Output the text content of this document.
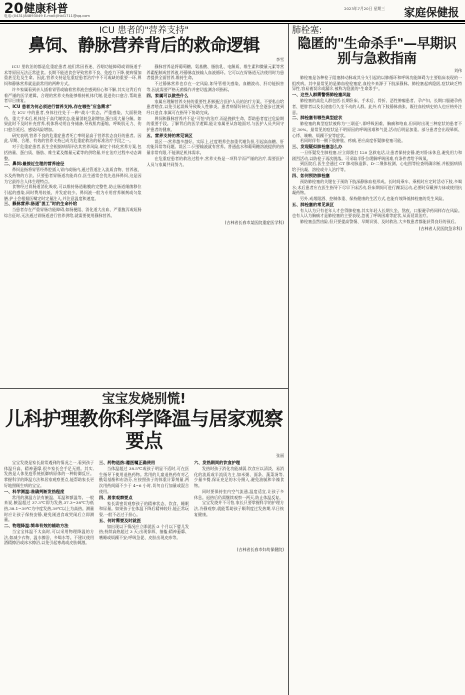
20 健康科普
电话:(0431)84893049 E-mail:jlhbl1711@qq.com
2023年7月20日 星期三 家庭保健报
ICU 患者的"营养支持"
鼻饲、静脉营养背后的救命逻辑
李雪

ICU 里收治的都是危重症患者,他们常因昏迷、吞咽功能障碍或胃肠道手术等原因无法正常进食。长期不能进食会导致营养不良、免疫力下降,使病情加重甚至危及生命。因此,营养支持是危重症患者治疗中不可或缺的重要一环,鼻饲和静脉营养就是最常用的两种方式。

许多家属看到亲人插着胃管或输着营养液会感到担心和不解,其实这背后有着严谨的医学逻辑。合理的营养支持能够维持机体代谢,促进伤口愈合,帮助患者早日康复。

一、ICU 患者为何必须进行营养支持,存在哪些"应急需求"

在 ICU 中的患者,身体往往处于一种"战斗"状态。严重感染、大面积烧伤、重大手术后,机体处于高代谢状态,能量消耗急剧增加,蛋白质大量分解。如果此时不及时补充营养,机体将动用自身储备,导致肌肉萎缩、呼吸肌无力、伤口愈合延迟、感染风险增加。

研究表明,营养不良的危重症患者死亡率明显高于营养状态良好的患者。因此,早期、合理、有效的营养支持已成为危重症救治的标准治疗手段之一。

对于危重症患者,医生会根据病情评估其营养风险,制定个体化营养方案,包括热量、蛋白质、脂肪、维生素及微量元素等的供给量,并在治疗过程中动态调整。

二、鼻饲:最接近生理的营养途径

鼻饲是指将胃管经鼻腔插入胃内或肠内,通过管道注入流质食物、营养液、水及药物的方法。只要患者胃肠道功能尚存,医生通常会优先选择鼻饲,这是因为它最符合人体生理特点。

食物经过胃肠道消化吸收,可以维持肠道黏膜的完整性,防止肠道细菌移位引起的感染,同时费用较低、并发症较少。鼻饲液一般为专用营养制剂或匀浆膳,护士会根据医嘱定时定量注入,并注意温度和速度。

三、静脉营养:肠道"罢工"时的生命补给

当患者存在严重胃肠功能障碍,如肠梗阻、消化道大出血、严重腹泻或短肠综合征时,无法通过胃肠道进行营养供给,就需要使用静脉营养。

静脉营养是将葡萄糖、氨基酸、脂肪乳、电解质、维生素和微量元素等营养素配制成营养液,经静脉直接输入血液循环。它可以在胃肠道无法使用时为患者提供全面营养,维持生命。

不过静脉营养也存在一定风险,如导管相关感染、血糖波动、肝功能损害等,因此需要严格无菌操作并密切监测各项指标。

四、家属可以做些什么

家属应理解营养支持的重要性,积极配合医护人员的治疗方案。不要私自给患者喂食,以免引起误吸导致吸入性肺炎。患者病情好转后,医生会逐步过渡到经口进食,家属可在指导下协助完成。

鼻饲和静脉营养并不是"可怕"的治疗,而是挽救生命、帮助患者度过危险期的重要手段。了解背后的医学逻辑,能让家属更从容地面对,与医护人员共同守护患者的健康。

五、营养支持的常见误区

误区一:营养越多越好。实际上,过度喂养会加重代谢负担,引起高血糖、肝功能异常等问题。误区二:只要输液就有营养。普通盐水和葡萄糖溶液提供的热量非常有限,不能满足机体需求。

在危重症患者的救治过程中,营养支持是一项科学而严谨的治疗,需要医护人员与家属共同努力。

(吉林省长春市某医院重症医学科)
宝宝发烧别慌!
儿科护理教你科学降温与居家观察要点
张丽

宝宝发烧是家长最常遇到的情况之一,看到孩子体温升高、精神萎靡,很多家长会手足无措。其实,发热是人体免疫系统抵御病原体的一种防御反应。掌握科学的降温方法和居家观察要点,能帮助家长更好地照顾生病的宝宝。

一、科学测温:准确判断发热程度

常用的测温方法有腋温、耳温和额温等。一般来说,腋温超过 37.3℃即为发热,37.3~38℃为低热,38.1~39℃为中度发热,39℃以上为高热。测量时应让孩子保持安静,避免刚进食或哭闹后立即测量。

二、物理降温:简单有效的辅助方法

当宝宝体温不太高时,可以采用物理降温的方法,如减少衣物、温水擦浴、多喝水等。不建议使用酒精擦浴或冰水擦浴,以免引起寒战或皮肤刺激。

三、药物退热:遵医嘱正确使用

当体温超过 38.5℃或孩子明显不适时,可在医生指导下使用退热药物。常用的儿童退热药有对乙酰氨基酚和布洛芬,应按照孩子的体重计算剂量,两次用药间隔不少于 4~6 小时,切勿自行加量或混合使用。

四、居家观察要点

家长需密切观察孩子的精神状态、饮食、睡眠和尿量。如果孩子在体温下降后精神较好,能正常玩耍,一般不必过于担心。

五、何时需要及时就医

如出现以下情况应立即就医:3 个月以下婴儿发热;持续高热超过 3 天;出现惊厥、抽搐;精神萎靡、嗜睡或烦躁不安;呼吸急促、皮肤出现皮疹等。

六、发热期间的饮食护理

发热时孩子消化功能减弱,饮食应以清淡、易消化的流质或半流质为主,如米粥、面条、蔬菜汤等,少量多餐,保证充足的水分摄入,避免油腻和辛辣食物。

同时要保持室内空气流通,温度适宜,让孩子多休息。退热后仍需继续观察一两天,防止体温反复。

宝宝发烧并不可怕,家长只要掌握科学的护理方法,冷静观察,就能帮助孩子顺利度过发热期,早日恢复健康。

(吉林省长春市妇幼保健院)
肺栓塞:
隐匿的"生命杀手"—早期识别与急救指南
刘伟

肺栓塞是各种栓子阻塞肺动脉或其分支引起的以肺循环和呼吸功能障碍为主要临床表现的一组疾病。其中最常见的是肺血栓栓塞症,血栓多来源于下肢深静脉。肺栓塞起病隐匿,症状缺乏特异性,容易被误诊或漏诊,被称为隐匿的"生命杀手"。

一、这些人群需警惕肺栓塞风险

肺栓塞的高危人群包括:长期卧床、手术后、骨折、恶性肿瘤患者、孕产妇、长期口服避孕药者、肥胖者以及长途旅行久坐不动的人群。此外,有下肢静脉曲张、既往血栓病史的人也应格外注意。

二、肺栓塞有哪些典型症状

肺栓塞的典型症状被称为"三联征",即呼吸困难、胸痛和咯血,但同时出现三种症状的患者不足 30%。最常见的症状是不明原因的呼吸困难和气促,活动后明显加重。部分患者会出现晕厥、心悸、咳嗽、烦躁不安等症状。

若同时伴有一侧下肢肿胀、疼痛,更应高度怀疑肺栓塞可能。

三、发现疑似肺栓塞怎么办

一旦怀疑发生肺栓塞,应立即拨打 120 急救电话,让患者保持安静,绝对卧床休息,避免用力和剧烈活动,以防栓子再次脱落。可采取半卧位缓解呼吸困难,有条件者给予吸氧。

到医院后,医生会通过 CT 肺动脉造影、D-二聚体检测、心电图等检查明确诊断,并根据病情给予抗凝、溶栓或介入治疗等。

四、如何预防肺栓塞

预防肺栓塞的关键在于预防下肢深静脉血栓形成。长时间乘车、乘机时应定时活动下肢,多喝水;术后患者应在医生指导下尽早下床活动,卧床期间可进行踝泵运动,必要时穿戴弹力袜或使用抗凝药物。

另外,戒烟限酒、控制体重、保持健康的生活方式,也能有效降低肺栓塞的发生风险。

五、肺栓塞的常见误区

有人认为只有老年人才会得肺栓塞,其实年轻人长期久坐、熬夜、口服避孕药同样存在风险。也有人认为胸痛才是肺栓塞的主要表现,忽视了呼吸困难等症状,从而延误治疗。

肺栓塞虽然凶险,但只要提高警惕、早期识别、及时救治,大多数患者都能获得良好的预后。

(吉林省人民医院急诊科)
